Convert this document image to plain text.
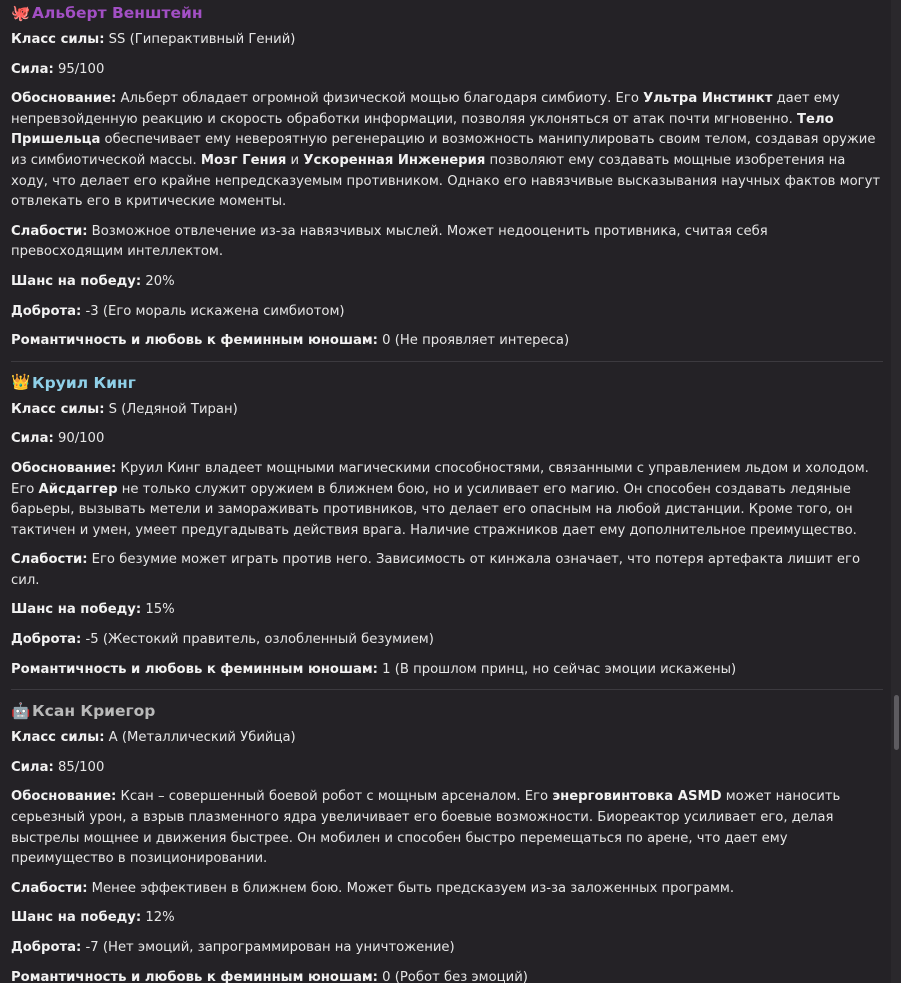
🐙 Альберт Венштейн

Класс силы: SS (Гиперактивный Гений)

Сила: 95/100

Обоснование: Альберт обладает огромной физической мощью благодаря симбиоту. Его Ультра Инстинкт дает ему непревзойденную реакцию и скорость обработки информации, позволяя уклоняться от атак почти мгновенно. Тело Пришельца обеспечивает ему невероятную регенерацию и возможность манипулировать своим телом, создавая оружие из симбиотической массы. Мозг Гения и Ускоренная Инженерия позволяют ему создавать мощные изобретения на ходу, что делает его крайне непредсказуемым противником. Однако его навязчивые высказывания научных фактов могут отвлекать его в критические моменты.

Слабости: Возможное отвлечение из-за навязчивых мыслей. Может недооценить противника, считая себя превосходящим интеллектом.

Шанс на победу: 20%

Доброта: -3 (Его мораль искажена симбиотом)

Романтичность и любовь к феминным юношам: 0 (Не проявляет интереса)

👑 Круил Кинг

Класс силы: S (Ледяной Тиран)

Сила: 90/100

Обоснование: Круил Кинг владеет мощными магическими способностями, связанными с управлением льдом и холодом. Его Айсдаггер не только служит оружием в ближнем бою, но и усиливает его магию. Он способен создавать ледяные барьеры, вызывать метели и замораживать противников, что делает его опасным на любой дистанции. Кроме того, он тактичен и умен, умеет предугадывать действия врага. Наличие стражников дает ему дополнительное преимущество.

Слабости: Его безумие может играть против него. Зависимость от кинжала означает, что потеря артефакта лишит его сил.

Шанс на победу: 15%

Доброта: -5 (Жестокий правитель, озлобленный безумием)

Романтичность и любовь к феминным юношам: 1 (В прошлом принц, но сейчас эмоции искажены)

🤖 Ксан Криегор

Класс силы: A (Металлический Убийца)

Сила: 85/100

Обоснование: Ксан – совершенный боевой робот с мощным арсеналом. Его энерговинтовка ASMD может наносить серьезный урон, а взрыв плазменного ядра увеличивает его боевые возможности. Биореактор усиливает его, делая выстрелы мощнее и движения быстрее. Он мобилен и способен быстро перемещаться по арене, что дает ему преимущество в позиционировании.

Слабости: Менее эффективен в ближнем бою. Может быть предсказуем из-за заложенных программ.

Шанс на победу: 12%

Доброта: -7 (Нет эмоций, запрограммирован на уничтожение)

Романтичность и любовь к феминным юношам: 0 (Робот без эмоций)
